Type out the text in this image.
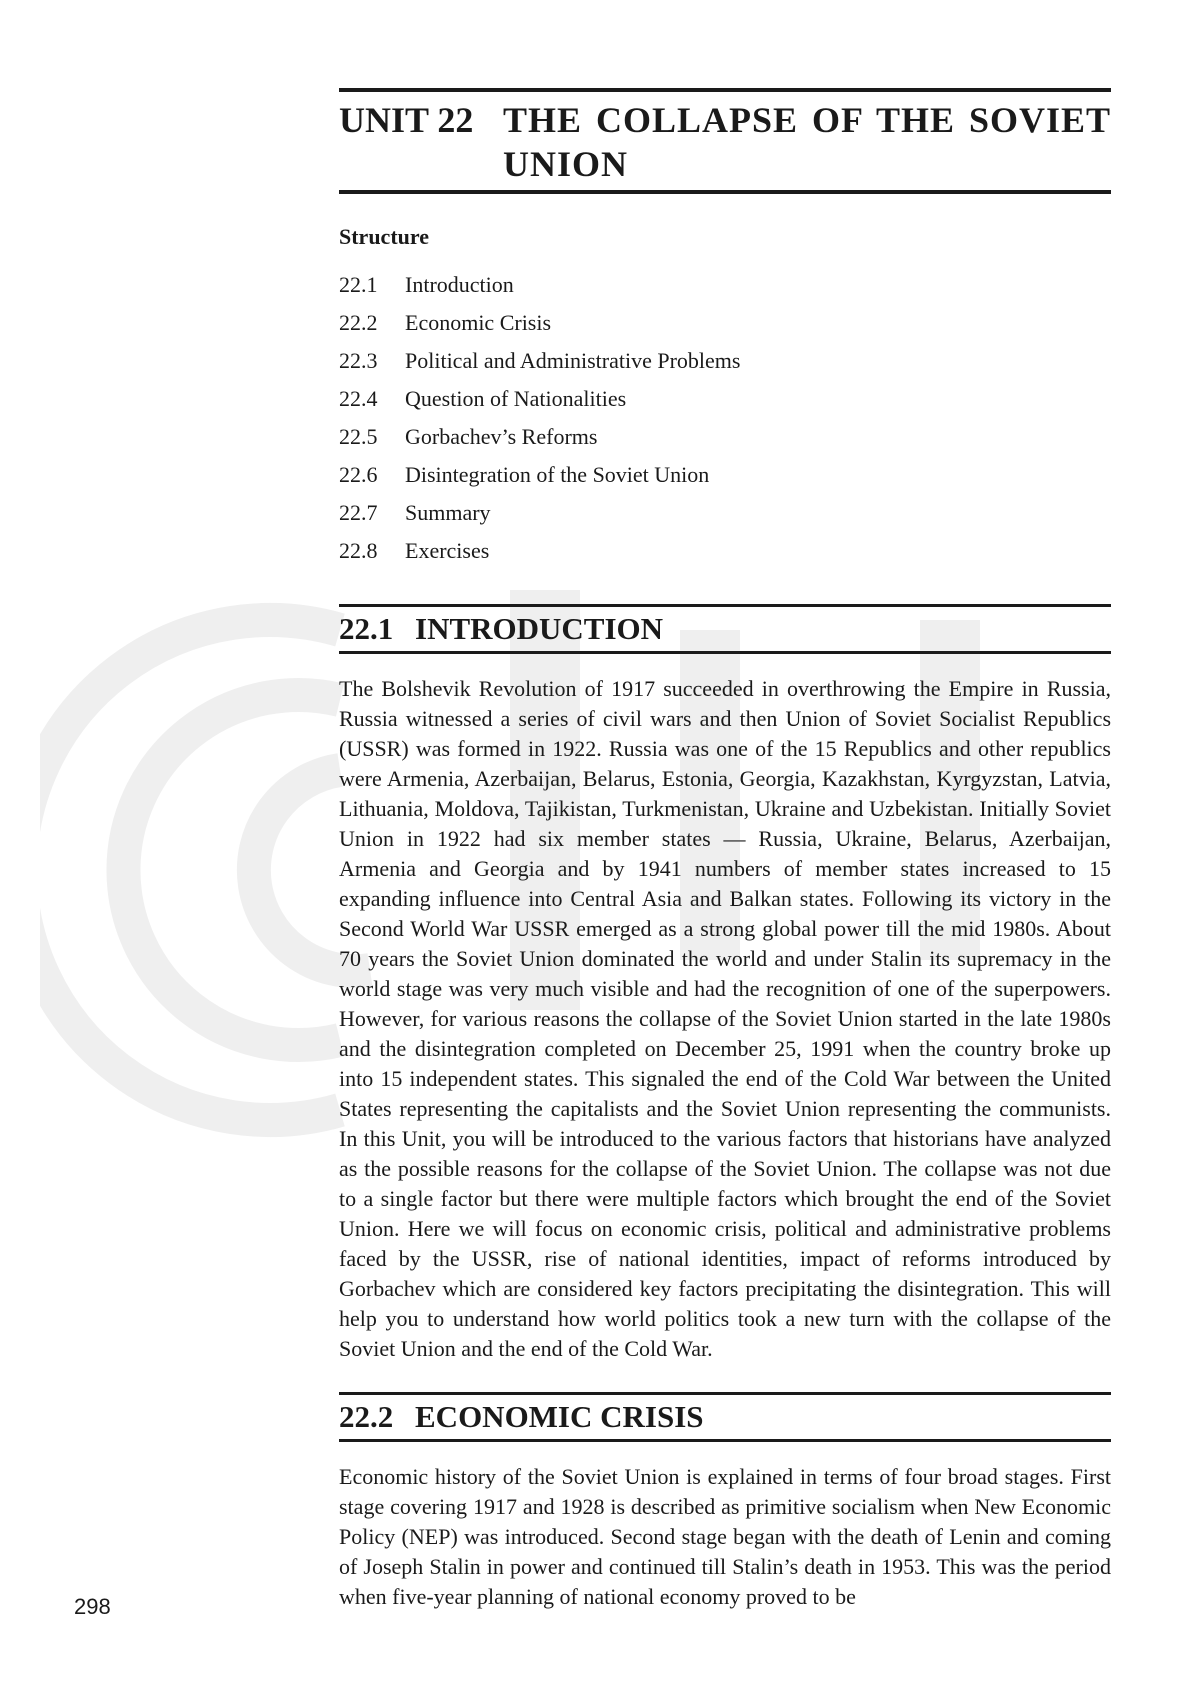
UNIT 22 THE COLLAPSE OF THE SOVIET UNION
Structure
22.1	Introduction
22.2	Economic Crisis
22.3	Political and Administrative Problems
22.4	Question of Nationalities
22.5	Gorbachev’s Reforms
22.6	Disintegration of the Soviet Union
22.7	Summary
22.8	Exercises
22.1 INTRODUCTION

The Bolshevik Revolution of 1917 succeeded in overthrowing the Empire in Russia, Russia witnessed a series of civil wars and then Union of Soviet Socialist Republics (USSR) was formed in 1922. Russia was one of the 15 Republics and other republics were Armenia, Azerbaijan, Belarus, Estonia, Georgia, Kazakhstan, Kyrgyzstan, Latvia, Lithuania, Moldova, Tajikistan, Turkmenistan, Ukraine and Uzbekistan. Initially Soviet Union in 1922 had six member states — Russia, Ukraine, Belarus, Azerbaijan, Armenia and Georgia and by 1941 numbers of member states increased to 15 expanding influence into Central Asia and Balkan states. Following its victory in the Second World War USSR emerged as a strong global power till the mid 1980s. About 70 years the Soviet Union dominated the world and under Stalin its supremacy in the world stage was very much visible and had the recognition of one of the superpowers. However, for various reasons the collapse of the Soviet Union started in the late 1980s and the disintegration completed on December 25, 1991 when the country broke up into 15 independent states. This signaled the end of the Cold War between the United States representing the capitalists and the Soviet Union representing the communists. In this Unit, you will be introduced to the various factors that historians have analyzed as the possible reasons for the collapse of the Soviet Union. The collapse was not due to a single factor but there were multiple factors which brought the end of the Soviet Union. Here we will focus on economic crisis, political and administrative problems faced by the USSR, rise of national identities, impact of reforms introduced by Gorbachev which are considered key factors precipitating the disintegration. This will help you to understand how world politics took a new turn with the collapse of the Soviet Union and the end of the Cold War.

22.2 ECONOMIC CRISIS

Economic history of the Soviet Union is explained in terms of four broad stages. First stage covering 1917 and 1928 is described as primitive socialism when New Economic Policy (NEP) was introduced. Second stage began with the death of Lenin and coming of Joseph Stalin in power and continued till Stalin’s death in 1953. This was the period when five-year planning of national economy proved to be

298
